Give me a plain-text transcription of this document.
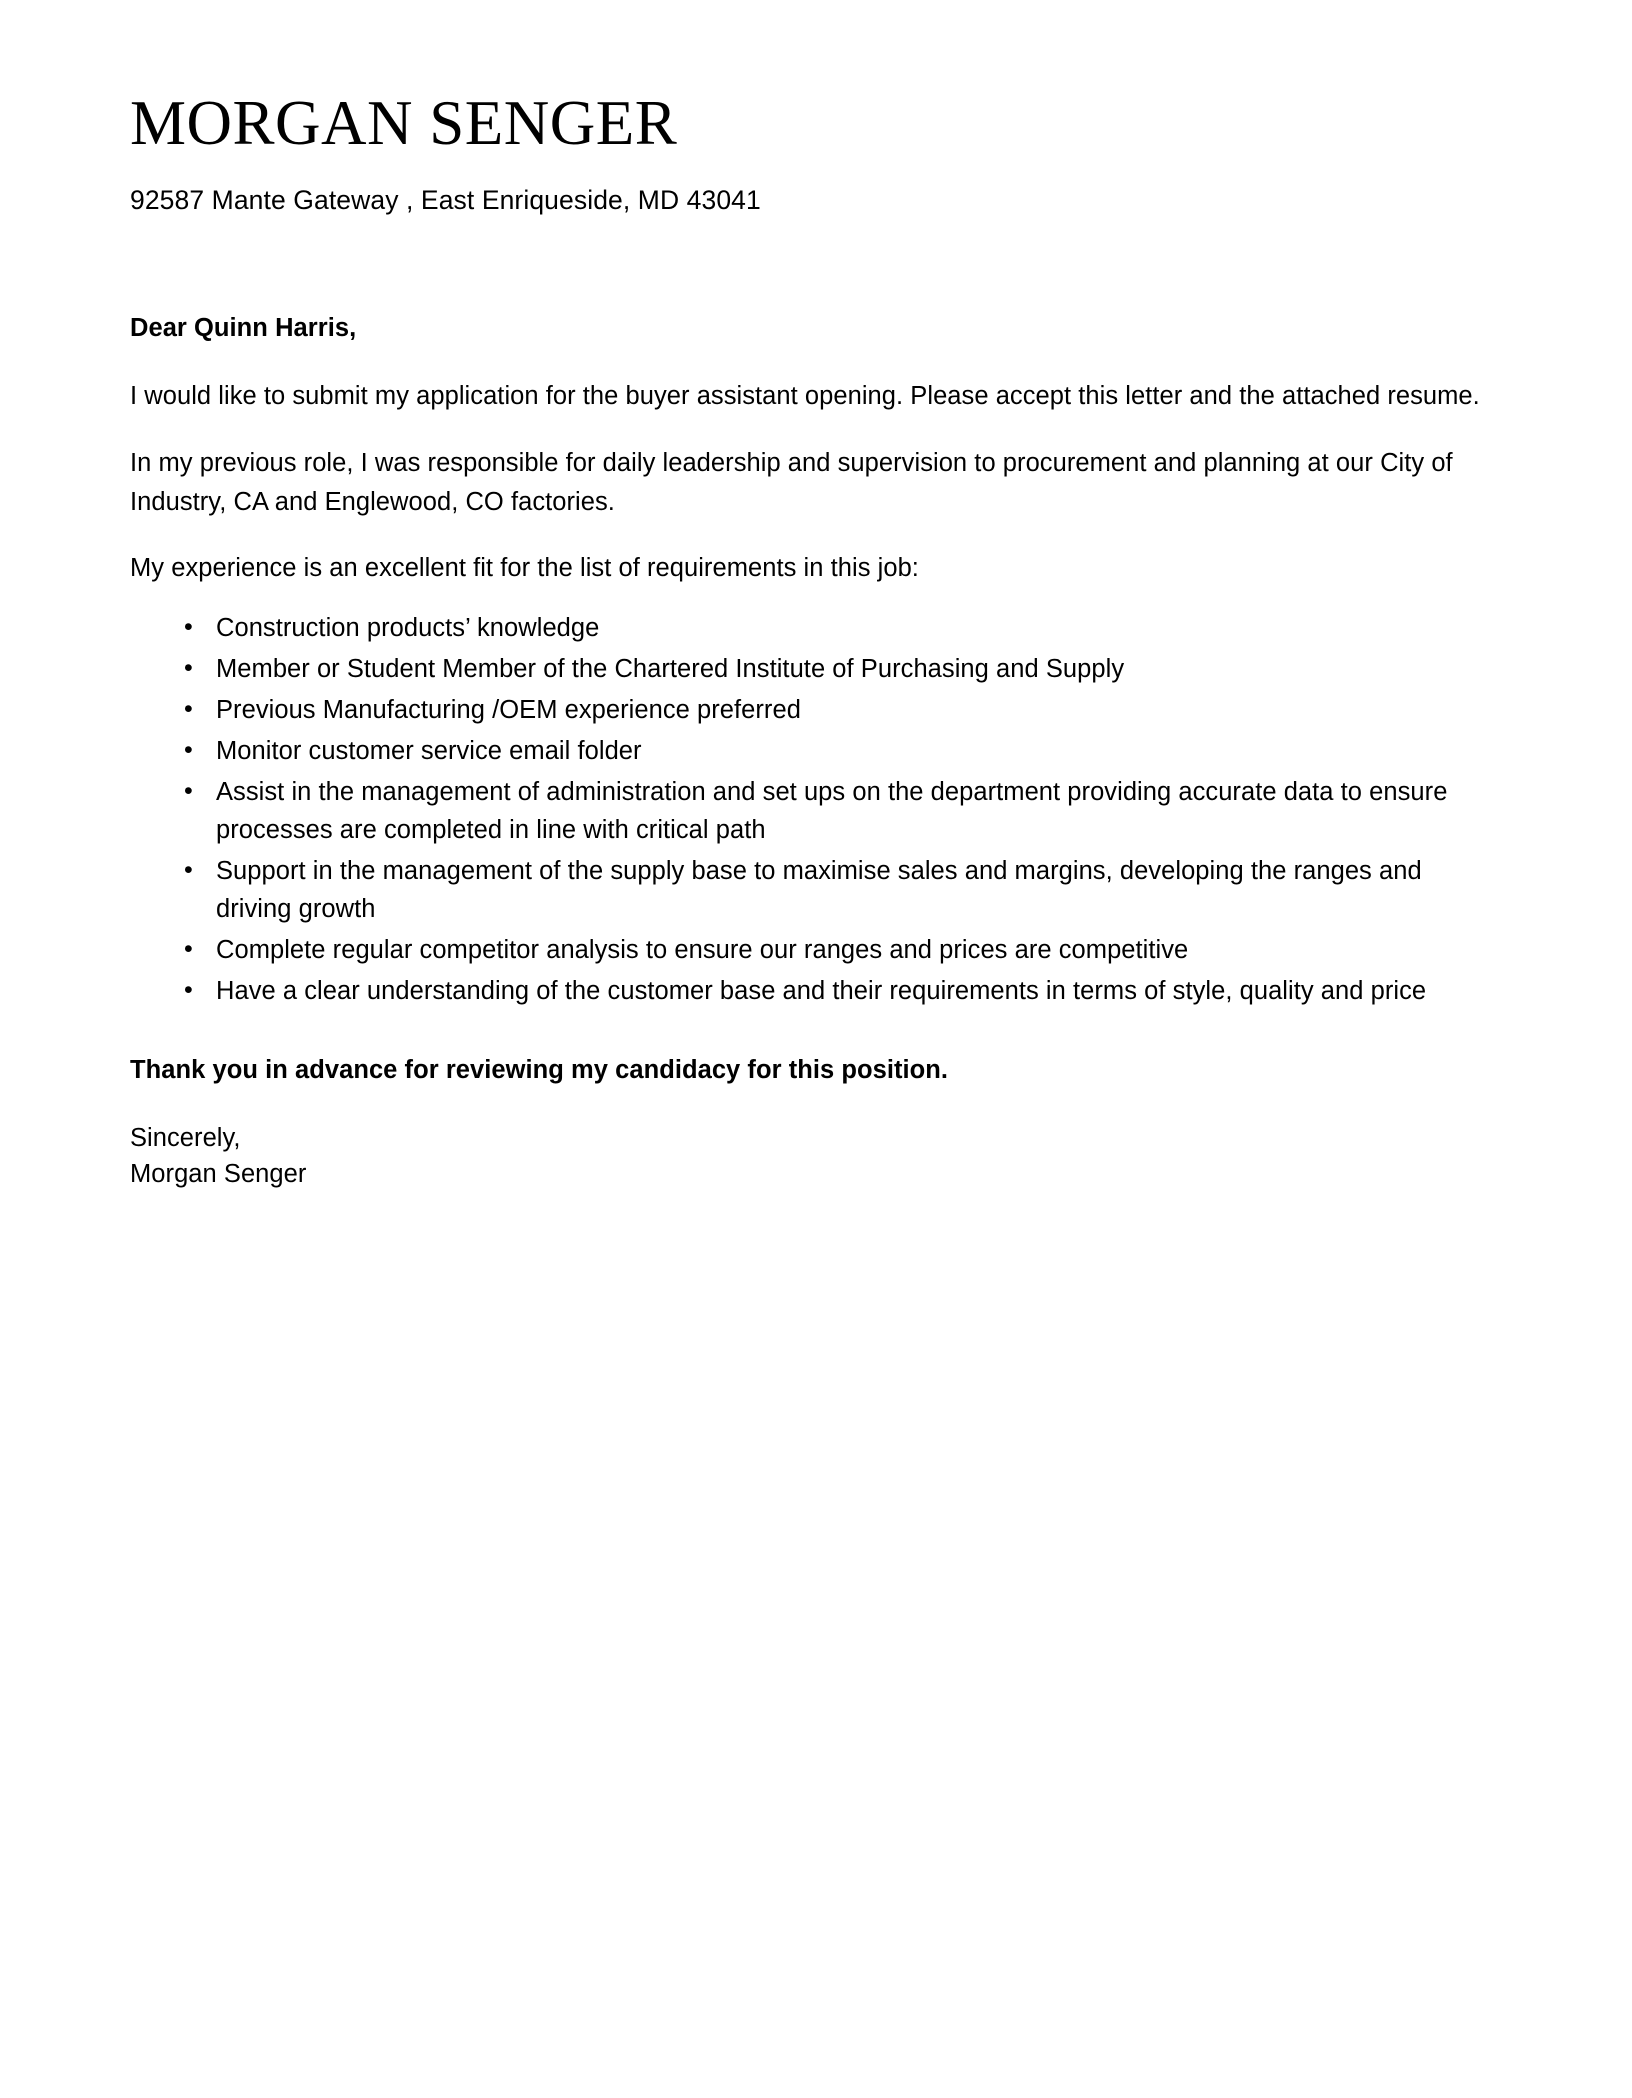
MORGAN SENGER
92587 Mante Gateway , East Enriqueside, MD 43041
Dear Quinn Harris,

I would like to submit my application for the buyer assistant opening. Please accept this letter and the attached resume.

In my previous role, I was responsible for daily leadership and supervision to procurement and planning at our City of Industry, CA and Englewood, CO factories.

My experience is an excellent fit for the list of requirements in this job:

• Construction products’ knowledge
• Member or Student Member of the Chartered Institute of Purchasing and Supply
• Previous Manufacturing /OEM experience preferred
• Monitor customer service email folder
• Assist in the management of administration and set ups on the department providing accurate data to ensure processes are completed in line with critical path
• Support in the management of the supply base to maximise sales and margins, developing the ranges and driving growth
• Complete regular competitor analysis to ensure our ranges and prices are competitive
• Have a clear understanding of the customer base and their requirements in terms of style, quality and price
Thank you in advance for reviewing my candidacy for this position.
Sincerely,
Morgan Senger
